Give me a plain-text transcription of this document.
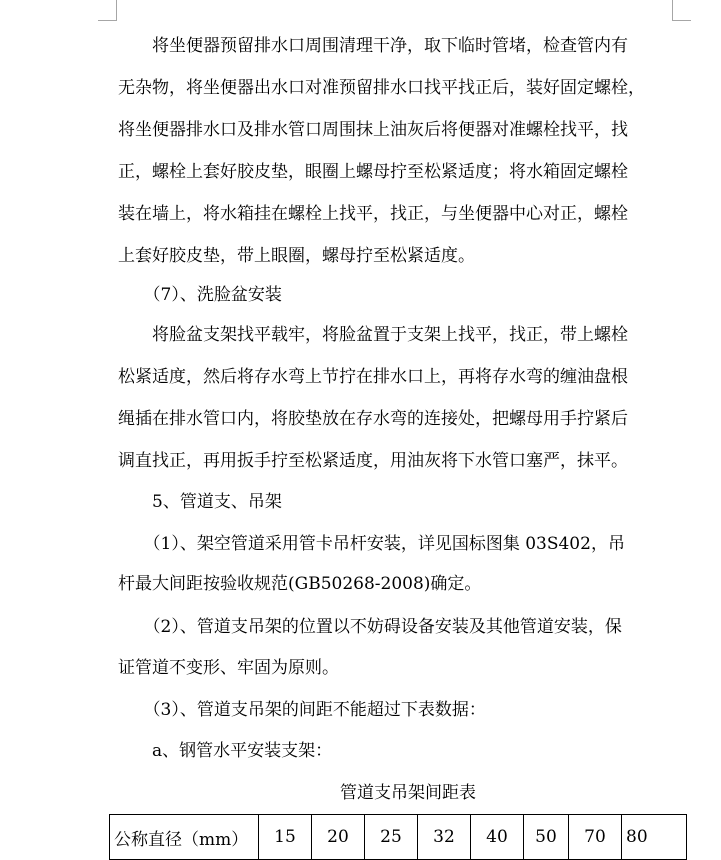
　　将坐便器预留排水口周围清理干净，取下临时管堵，检查管内有
无杂物，将坐便器出水口对准预留排水口找平找正后，装好固定螺栓，
将坐便器排水口及排水管口周围抹上油灰后将便器对准螺栓找平，找
正，螺栓上套好胶皮垫，眼圈上螺母拧至松紧适度；将水箱固定螺栓
装在墙上，将水箱挂在螺栓上找平，找正，与坐便器中心对正，螺栓
上套好胶皮垫，带上眼圈，螺母拧至松紧适度。
　　（7）、洗脸盆安装
　　将脸盆支架找平载牢，将脸盆置于支架上找平，找正，带上螺栓
松紧适度，然后将存水弯上节拧在排水口上，再将存水弯的缠油盘根
绳插在排水管口内，将胶垫放在存水弯的连接处，把螺母用手拧紧后
调直找正，再用扳手拧至松紧适度，用油灰将下水管口塞严，抹平。
　　5、管道支、吊架
　　（1）、架空管道采用管卡吊杆安装，详见国标图集 03S402，吊
杆最大间距按验收规范(GB50268-2008)确定。
　　（2）、管道支吊架的位置以不妨碍设备安装及其他管道安装，保
证管道不变形、牢固为原则。
　　（3）、管道支吊架的间距不能超过下表数据：
　　a、钢管水平安装支架：
管道支吊架间距表
公称直径（mm）	15	20	25	32	40	50	70	80
